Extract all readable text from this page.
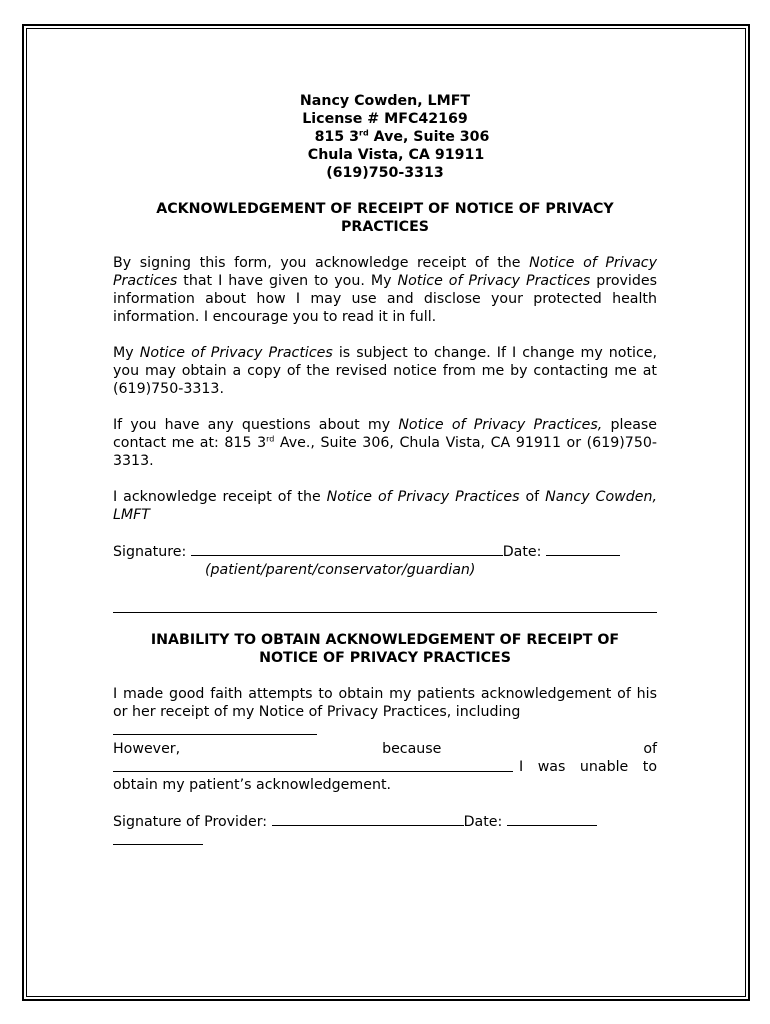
Nancy Cowden, LMFT
License # MFC42169
815 3rd Ave, Suite 306
Chula Vista, CA 91911
(619)750-3313
ACKNOWLEDGEMENT OF RECEIPT OF NOTICE OF PRIVACY
PRACTICES

By signing this form, you acknowledge receipt of the Notice of Privacy Practices that I have given to you. My Notice of Privacy Practices provides information about how I may use and disclose your protected health information. I encourage you to read it in full.

My Notice of Privacy Practices is subject to change. If I change my notice, you may obtain a copy of the revised notice from me by contacting me at (619)750-3313.

If you have any questions about my Notice of Privacy Practices, please contact me at: 815 3rd Ave., Suite 306, Chula Vista, CA 91911 or (619)750-3313.

I acknowledge receipt of the Notice of Privacy Practices of Nancy Cowden, LMFT

Signature:	Date:

(patient/parent/conservator/guardian)
INABILITY TO OBTAIN ACKNOWLEDGEMENT OF RECEIPT OF
NOTICE OF PRIVACY PRACTICES

I made good faith attempts to obtain my patients acknowledgement of his or her receipt of my Notice of Privacy Practices, including

However,	because	of
I was unable to
obtain my patient’s acknowledgement.

Signature of Provider:	Date:
